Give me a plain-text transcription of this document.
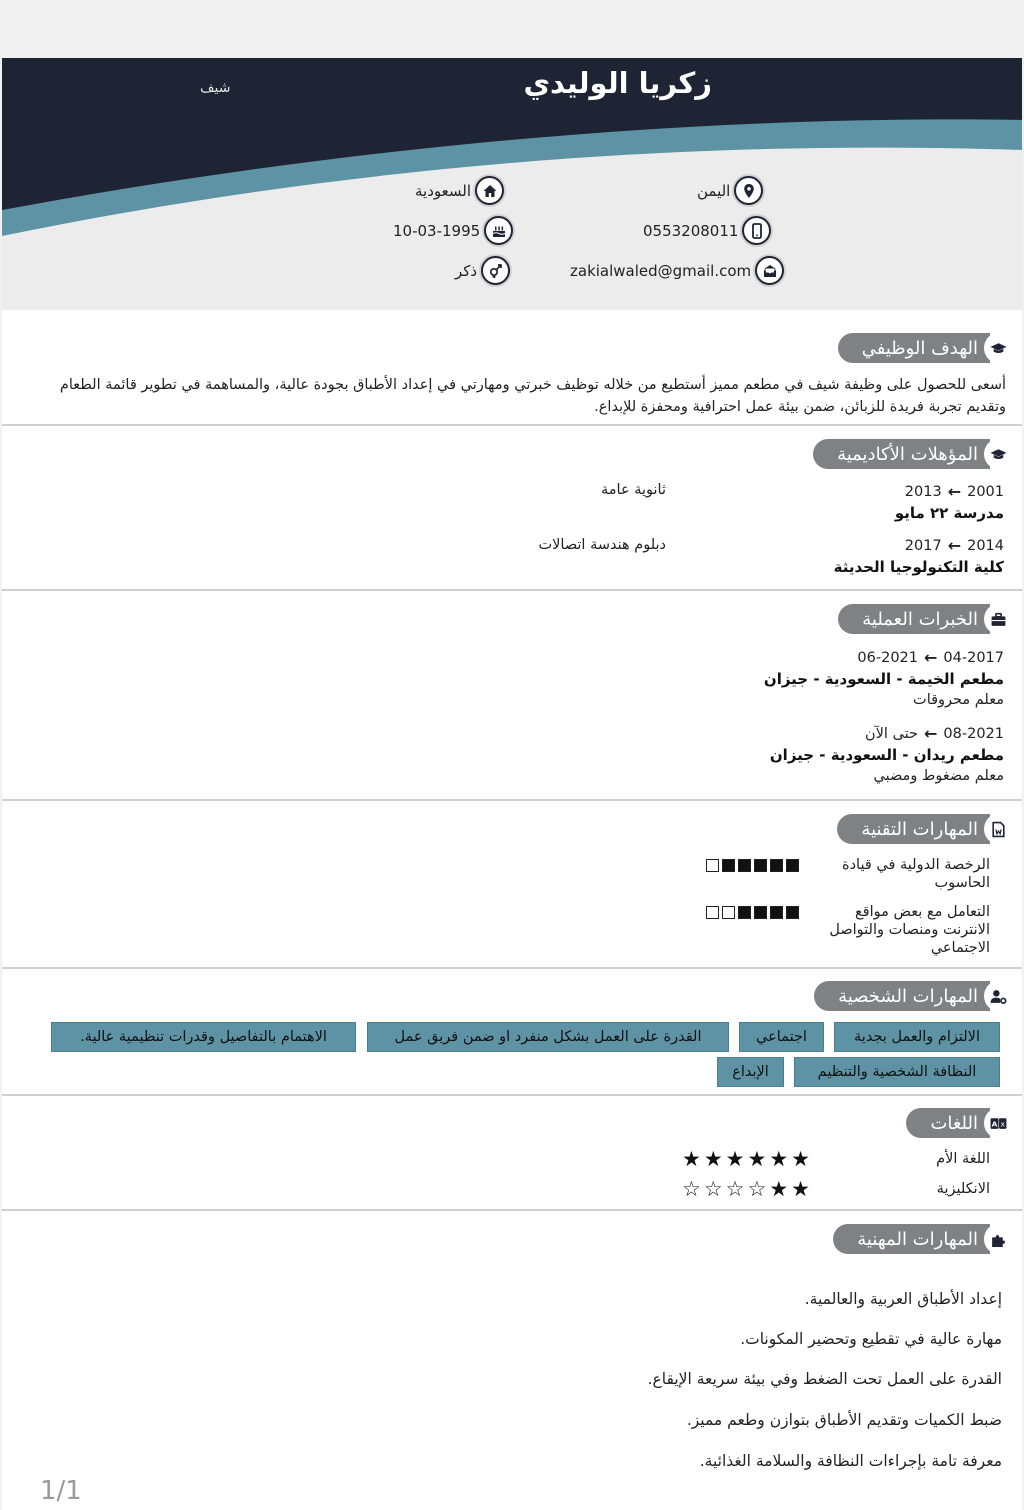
زكريا الوليدي
شيف
اليمن
0553208011
zakialwaled@gmail.com
السعودية
10-03-1995
ذكر
الهدف الوظيفي
أسعى للحصول على وظيفة شيف في مطعم مميز أستطيع من خلاله توظيف خبرتي ومهارتي في إعداد الأطباق بجودة عالية، والمساهمة في تطوير قائمة الطعام وتقديم تجربة فريدة للزبائن، ضمن بيئة عمل احترافية ومحفزة للإبداع.
المؤهلات الأكاديمية
2013 ← 2001
مدرسة ٢٢ مايو
ثانوية عامة
2017 ← 2014
كلية التكنولوجيا الحديثة
دبلوم هندسة اتصالات
الخبرات العملية
06-2021 ← 04-2017
مطعم الخيمة - السعودية - جيزان
معلم محروقات
حتى الآن ← 08-2021
مطعم ريدان - السعودية - جيزان
معلم مضغوط ومضبي
المهارات التقنية
الرخصة الدولية في قيادة
الحاسوب
التعامل مع بعض مواقع
الانترنت ومنصات والتواصل
الاجتماعي
المهارات الشخصية
الالتزام والعمل بجدية
اجتماعي
القدرة على العمل بشكل منفرد او ضمن فريق عمل
الاهتمام بالتفاصيل وقدرات تنظيمية عالية.
النظافة الشخصية والتنظيم
الإبداع
اللغات	A x
اللغة الأم
★ ★ ★ ★ ★ ★
الانكليزية
☆ ☆ ☆ ☆ ★ ★
المهارات المهنية
إعداد الأطباق العربية والعالمية.
مهارة عالية في تقطيع وتحضير المكونات.
القدرة على العمل تحت الضغط وفي بيئة سريعة الإيقاع.
ضبط الكميات وتقديم الأطباق بتوازن وطعم مميز.
معرفة تامة بإجراءات النظافة والسلامة الغذائية.
1/1
